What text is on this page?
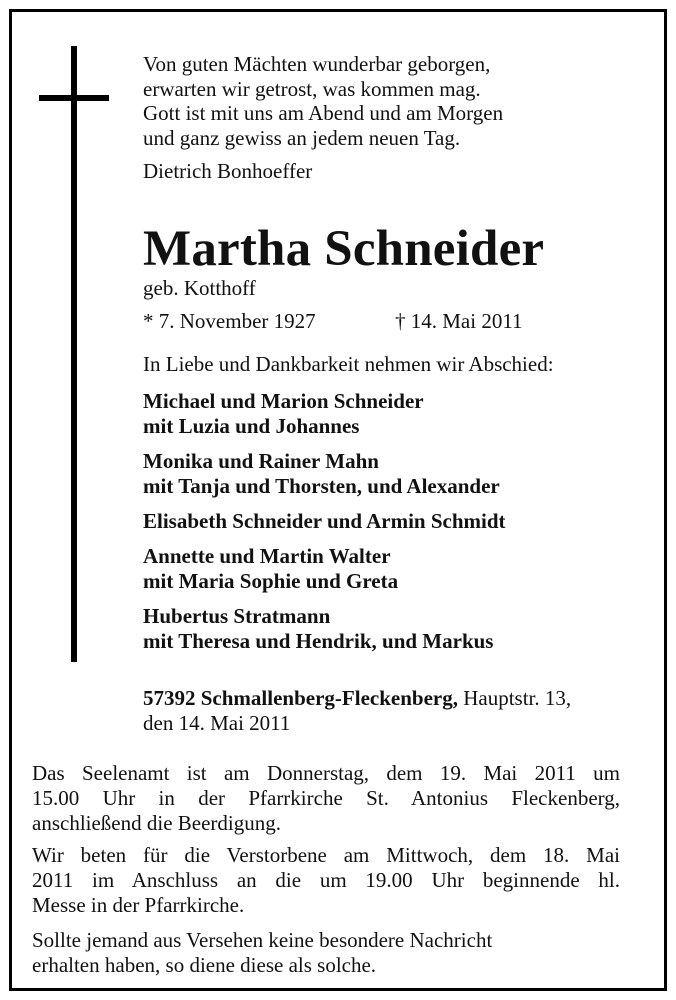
Von guten Mächten wunderbar geborgen,
erwarten wir getrost, was kommen mag.
Gott ist mit uns am Abend und am Morgen
und ganz gewiss an jedem neuen Tag.
Dietrich Bonhoeffer
Martha Schneider
geb. Kotthoff
* 7. November 1927	† 14. Mai 2011
In Liebe und Dankbarkeit nehmen wir Abschied:
Michael und Marion Schneider
mit Luzia und Johannes
Monika und Rainer Mahn
mit Tanja und Thorsten, und Alexander
Elisabeth Schneider und Armin Schmidt
Annette und Martin Walter
mit Maria Sophie und Greta
Hubertus Stratmann
mit Theresa und Hendrik, und Markus
57392 Schmallenberg-Fleckenberg, Hauptstr. 13,
den 14. Mai 2011
Das Seelenamt ist am Donnerstag, dem 19. Mai 2011 um
15.00 Uhr in der Pfarrkirche St. Antonius Fleckenberg,
anschließend die Beerdigung.
Wir beten für die Verstorbene am Mittwoch, dem 18. Mai
2011 im Anschluss an die um 19.00 Uhr beginnende hl.
Messe in der Pfarrkirche.
Sollte jemand aus Versehen keine besondere Nachricht
erhalten haben, so diene diese als solche.
